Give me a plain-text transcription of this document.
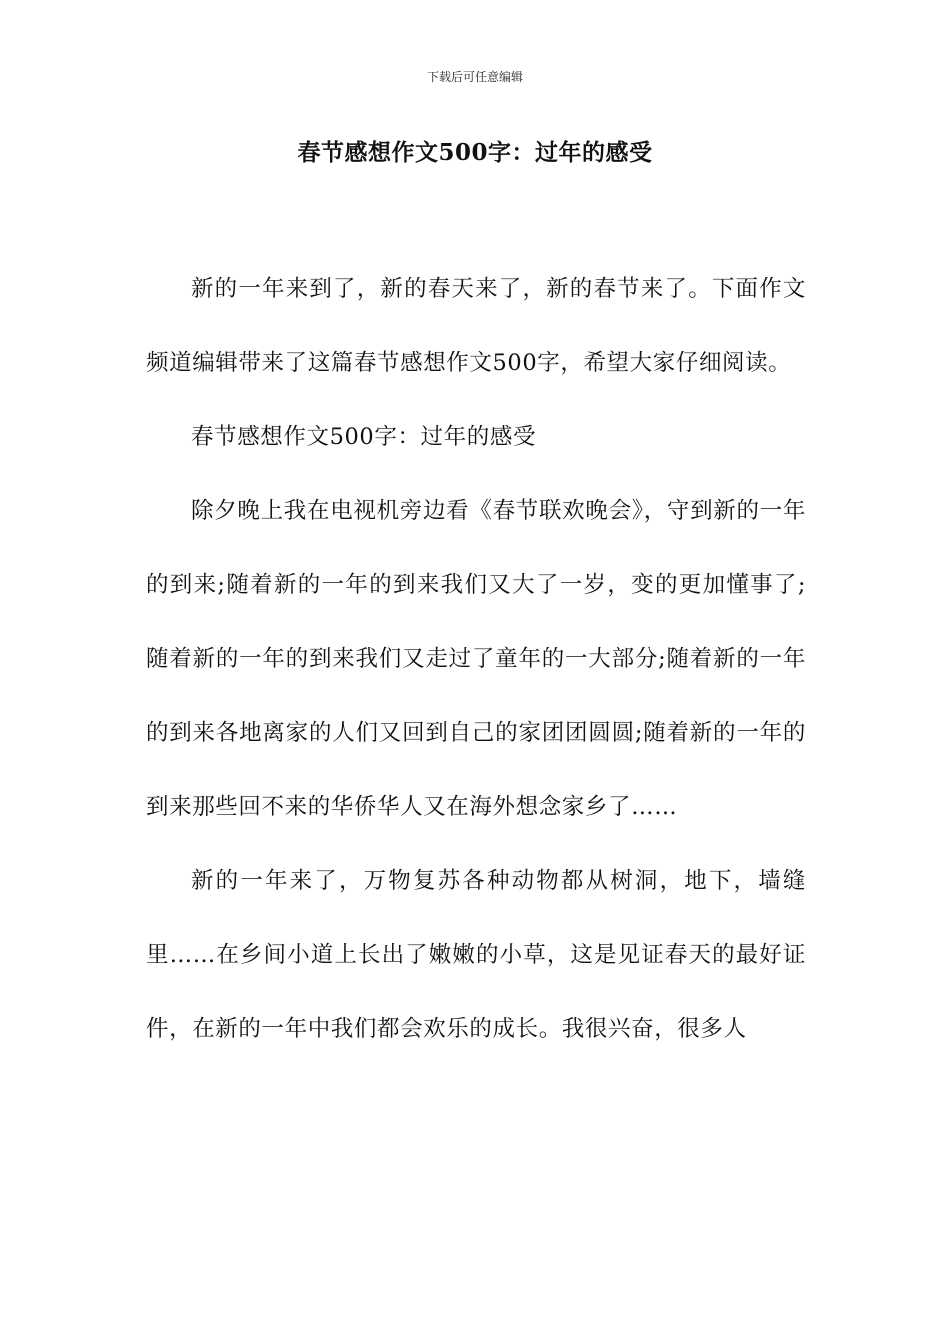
下载后可任意编辑
春节感想作文500字：过年的感受

新的一年来到了，新的春天来了，新的春节来了。下面作文频道编辑带来了这篇春节感想作文500字，希望大家仔细阅读。

春节感想作文500字：过年的感受

除夕晚上我在电视机旁边看《春节联欢晚会》，守到新的一年的到来;随着新的一年的到来我们又大了一岁，变的更加懂事了;随着新的一年的到来我们又走过了童年的一大部分;随着新的一年的到来各地离家的人们又回到自己的家团团圆圆;随着新的一年的到来那些回不来的华侨华人又在海外想念家乡了……

新的一年来了，万物复苏各种动物都从树洞，地下，墙缝里……在乡间小道上长出了嫩嫩的小草，这是见证春天的最好证件，在新的一年中我们都会欢乐的成长。我很兴奋，很多人
